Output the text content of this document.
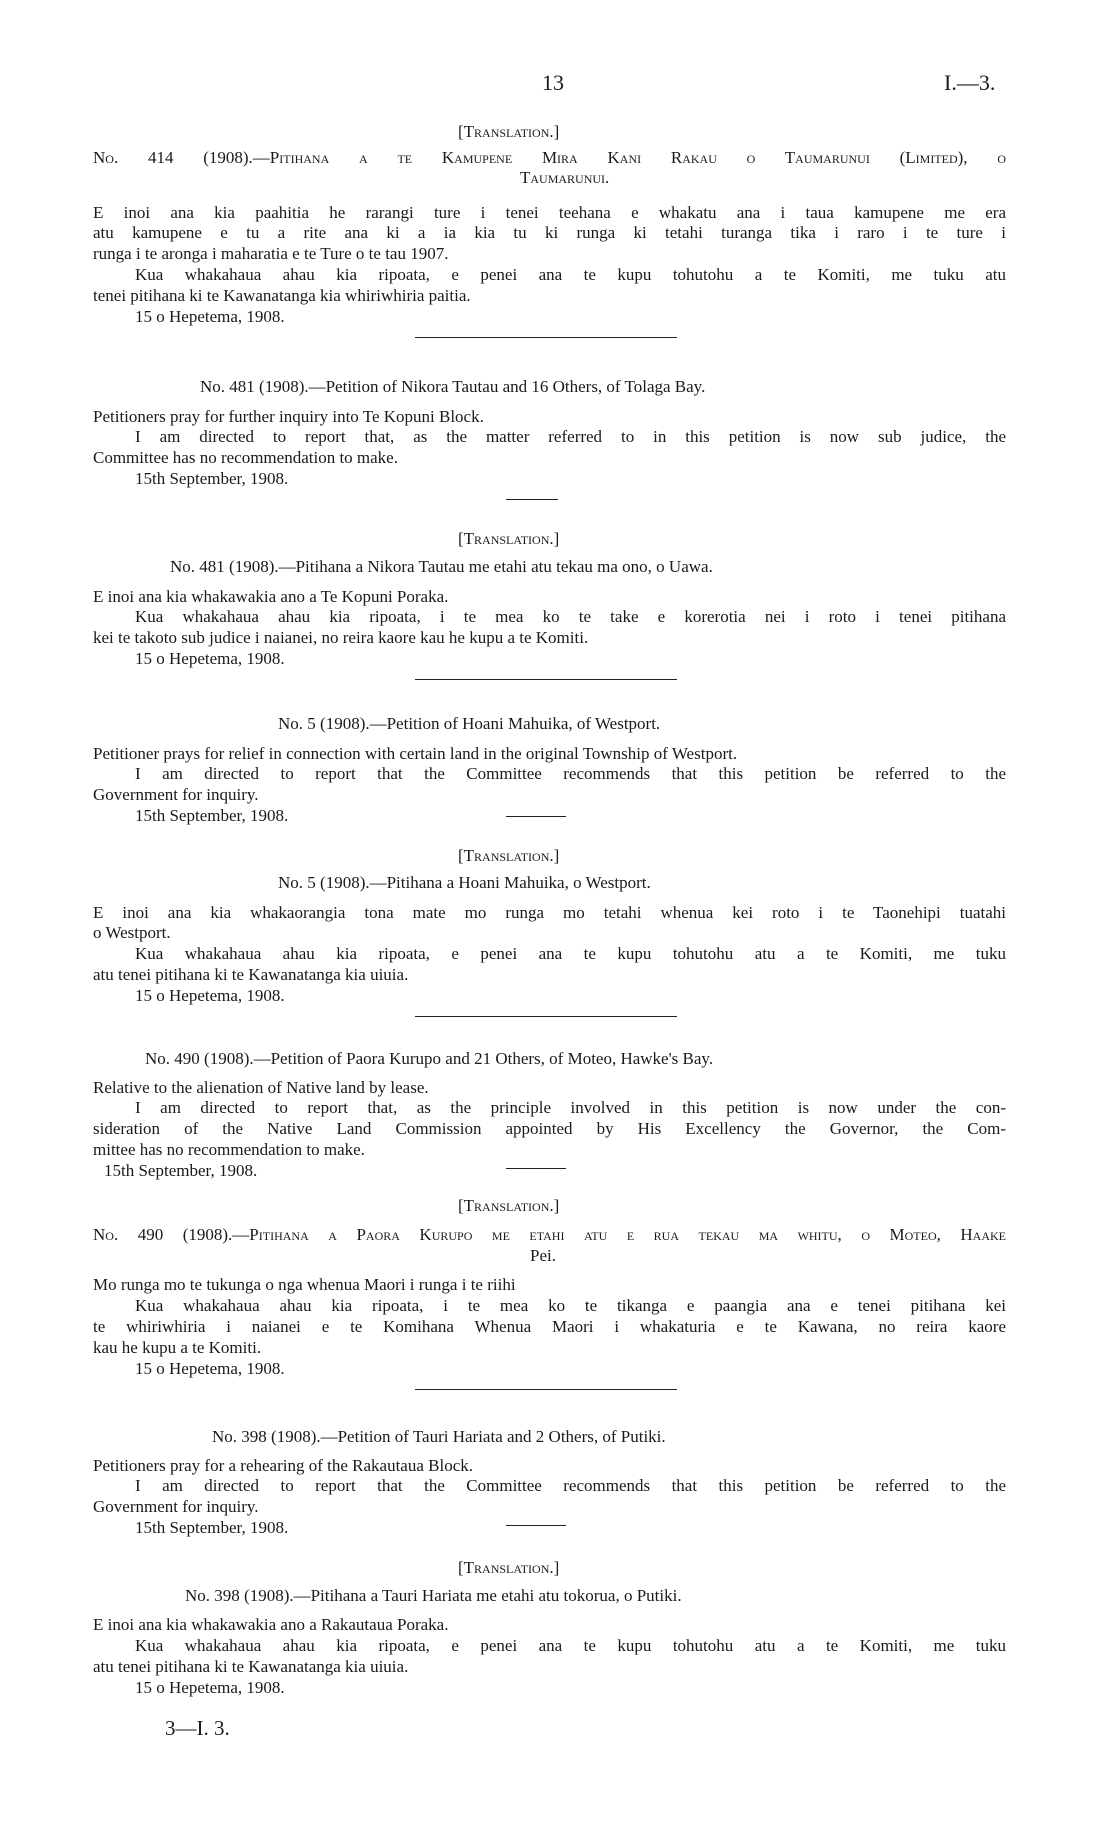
13	I.—3.
[Translation.]
No. 414 (1908).—Pitihana a te Kamupene Mira Kani Rakau o Taumarunui (Limited), o
Taumarunui.
E inoi ana kia paahitia he rarangi ture i tenei teehana e whakatu ana i taua kamupene me era
atu kamupene e tu a rite ana ki a ia kia tu ki runga ki tetahi turanga tika i raro i te ture i
runga i te aronga i maharatia e te Ture o te tau 1907.
Kua whakahaua ahau kia ripoata, e penei ana te kupu tohutohu a te Komiti, me tuku atu
tenei pitihana ki te Kawanatanga kia whiriwhiria paitia.
15 o Hepetema, 1908.
No. 481 (1908).—Petition of Nikora Tautau and 16 Others, of Tolaga Bay.
Petitioners pray for further inquiry into Te Kopuni Block.
I am directed to report that, as the matter referred to in this petition is now sub judice, the
Committee has no recommendation to make.
15th September, 1908.
[Translation.]
No. 481 (1908).—Pitihana a Nikora Tautau me etahi atu tekau ma ono, o Uawa.
E inoi ana kia whakawakia ano a Te Kopuni Poraka.
Kua whakahaua ahau kia ripoata, i te mea ko te take e korerotia nei i roto i tenei pitihana
kei te takoto sub judice i naianei, no reira kaore kau he kupu a te Komiti.
15 o Hepetema, 1908.
No. 5 (1908).—Petition of Hoani Mahuika, of Westport.
Petitioner prays for relief in connection with certain land in the original Township of Westport.
I am directed to report that the Committee recommends that this petition be referred to the
Government for inquiry.
15th September, 1908.
[Translation.]
No. 5 (1908).—Pitihana a Hoani Mahuika, o Westport.
E inoi ana kia whakaorangia tona mate mo runga mo tetahi whenua kei roto i te Taonehipi tuatahi
o Westport.
Kua whakahaua ahau kia ripoata, e penei ana te kupu tohutohu atu a te Komiti, me tuku
atu tenei pitihana ki te Kawanatanga kia uiuia.
15 o Hepetema, 1908.
No. 490 (1908).—Petition of Paora Kurupo and 21 Others, of Moteo, Hawke's Bay.
Relative to the alienation of Native land by lease.
I am directed to report that, as the principle involved in this petition is now under the con-
sideration of the Native Land Commission appointed by His Excellency the Governor, the Com-
mittee has no recommendation to make.
15th September, 1908.
[Translation.]
No. 490 (1908).—Pitihana a Paora Kurupo me etahi atu e rua tekau ma whitu, o Moteo, Haake
Pei.
Mo runga mo te tukunga o nga whenua Maori i runga i te riihi
Kua whakahaua ahau kia ripoata, i te mea ko te tikanga e paangia ana e tenei pitihana kei
te whiriwhiria i naianei e te Komihana Whenua Maori i whakaturia e te Kawana, no reira kaore
kau he kupu a te Komiti.
15 o Hepetema, 1908.
No. 398 (1908).—Petition of Tauri Hariata and 2 Others, of Putiki.
Petitioners pray for a rehearing of the Rakautaua Block.
I am directed to report that the Committee recommends that this petition be referred to the
Government for inquiry.
15th September, 1908.
[Translation.]
No. 398 (1908).—Pitihana a Tauri Hariata me etahi atu tokorua, o Putiki.
E inoi ana kia whakawakia ano a Rakautaua Poraka.
Kua whakahaua ahau kia ripoata, e penei ana te kupu tohutohu atu a te Komiti, me tuku
atu tenei pitihana ki te Kawanatanga kia uiuia.
15 o Hepetema, 1908.
3—I. 3.
